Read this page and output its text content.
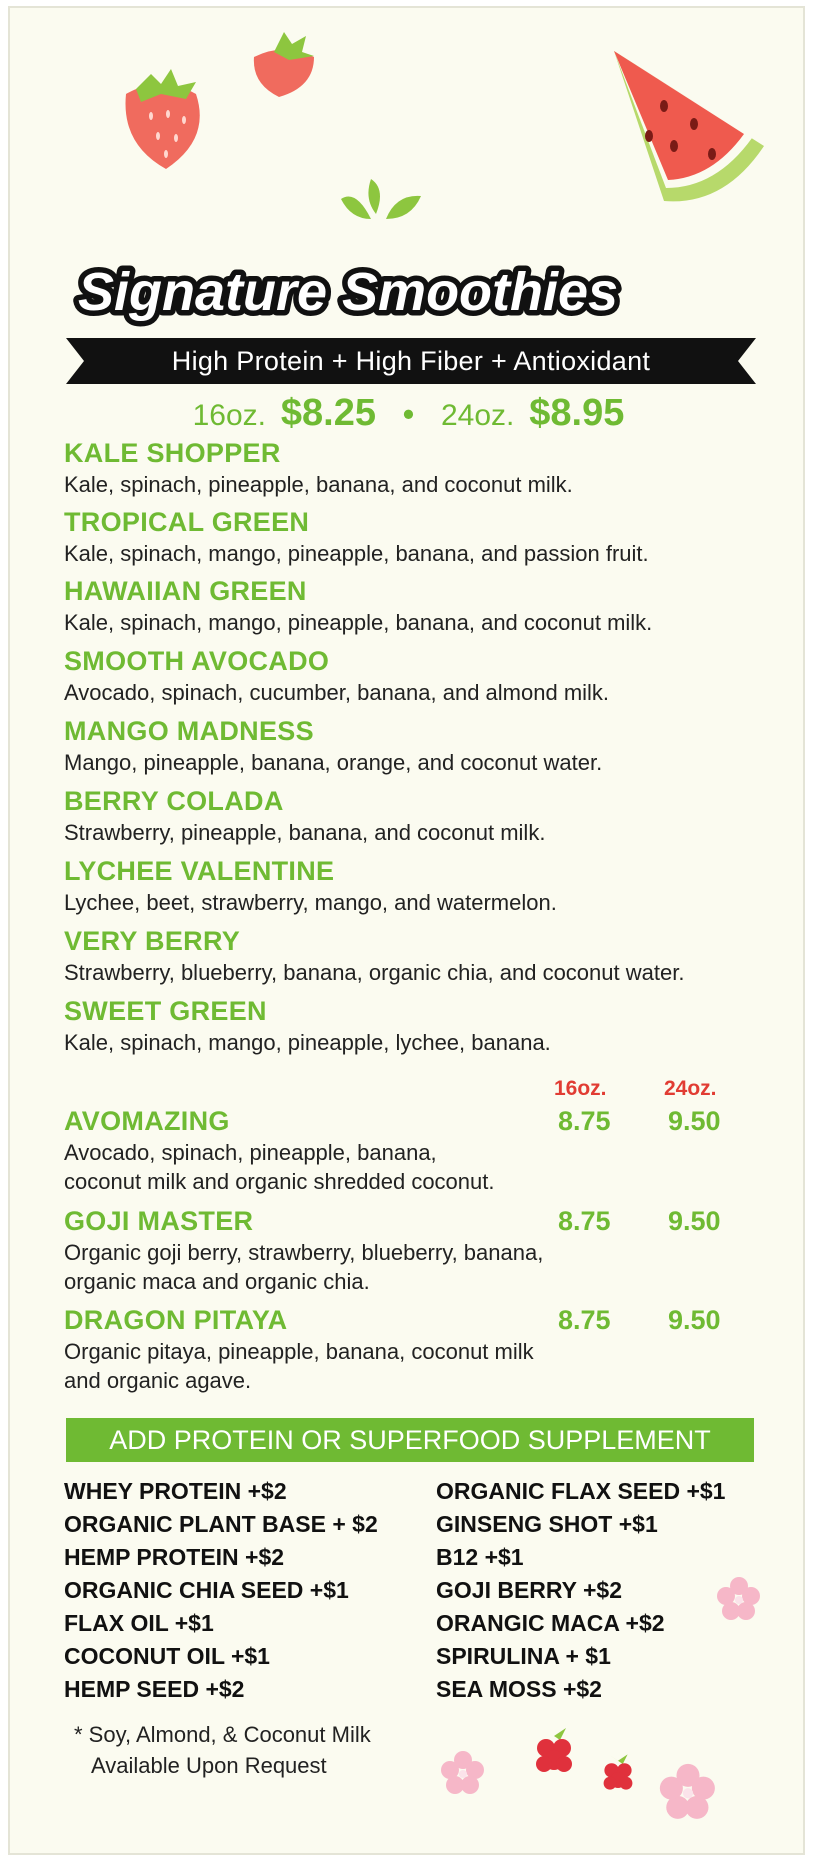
Signature Smoothies
High Protein + High Fiber + Antioxidant
16oz. $8.25 • 24oz. $8.95
KALE SHOPPER
Kale, spinach, pineapple, banana, and coconut milk.
TROPICAL GREEN
Kale, spinach, mango, pineapple, banana, and passion fruit.
HAWAIIAN GREEN
Kale, spinach, mango, pineapple, banana, and coconut milk.
SMOOTH AVOCADO
Avocado, spinach, cucumber, banana, and almond milk.
MANGO MADNESS
Mango, pineapple, banana, orange, and coconut water.
BERRY COLADA
Strawberry, pineapple, banana, and coconut milk.
LYCHEE VALENTINE
Lychee, beet, strawberry, mango, and watermelon.
VERY BERRY
Strawberry, blueberry, banana, organic chia, and coconut water.
SWEET GREEN
Kale, spinach, mango, pineapple, lychee, banana.
16oz.	24oz.
AVOMAZING	8.75 9.50
Avocado, spinach, pineapple, banana,
coconut milk and organic shredded coconut.
GOJI MASTER	8.75 9.50
Organic goji berry, strawberry, blueberry, banana,
organic maca and organic chia.
DRAGON PITAYA	8.75 9.50
Organic pitaya, pineapple, banana, coconut milk
and organic agave.
ADD PROTEIN OR SUPERFOOD SUPPLEMENT
WHEY PROTEIN +$2
ORGANIC PLANT BASE + $2
HEMP PROTEIN +$2
ORGANIC CHIA SEED +$1
FLAX OIL +$1
COCONUT OIL +$1
HEMP SEED +$2
ORGANIC FLAX SEED +$1
GINSENG SHOT +$1
B12 +$1
GOJI BERRY +$2
ORANGIC MACA +$2
SPIRULINA + $1
SEA MOSS +$2
* Soy, Almond, & Coconut Milk
Available Upon Request
